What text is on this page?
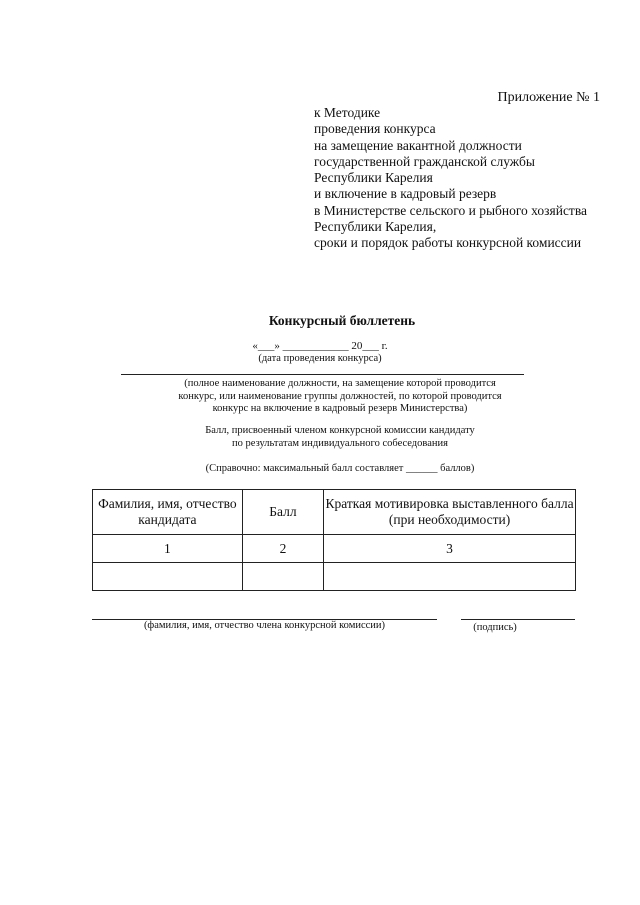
Приложение № 1
к Методике
проведения конкурса
на замещение вакантной должности
государственной гражданской службы
Республики Карелия
и включение в кадровый резерв
в Министерстве сельского и рыбного хозяйства
Республики Карелия,
сроки и порядок работы конкурсной комиссии
Конкурсный бюллетень
«___» ____________ 20___ г.
(дата проведения конкурса)
(полное наименование должности, на замещение которой проводится
конкурс, или наименование группы должностей, по которой проводится
конкурс на включение в кадровый резерв Министерства)
Балл, присвоенный членом конкурсной комиссии кандидату
по результатам индивидуального собеседования
(Справочно: максимальный балл составляет ______ баллов)
Фамилия, имя, отчество кандидата	Балл	Краткая мотивировка выставленного балла (при необходимости)
1	2	3

(фамилия, имя, отчество члена конкурсной комиссии)	(подпись)
